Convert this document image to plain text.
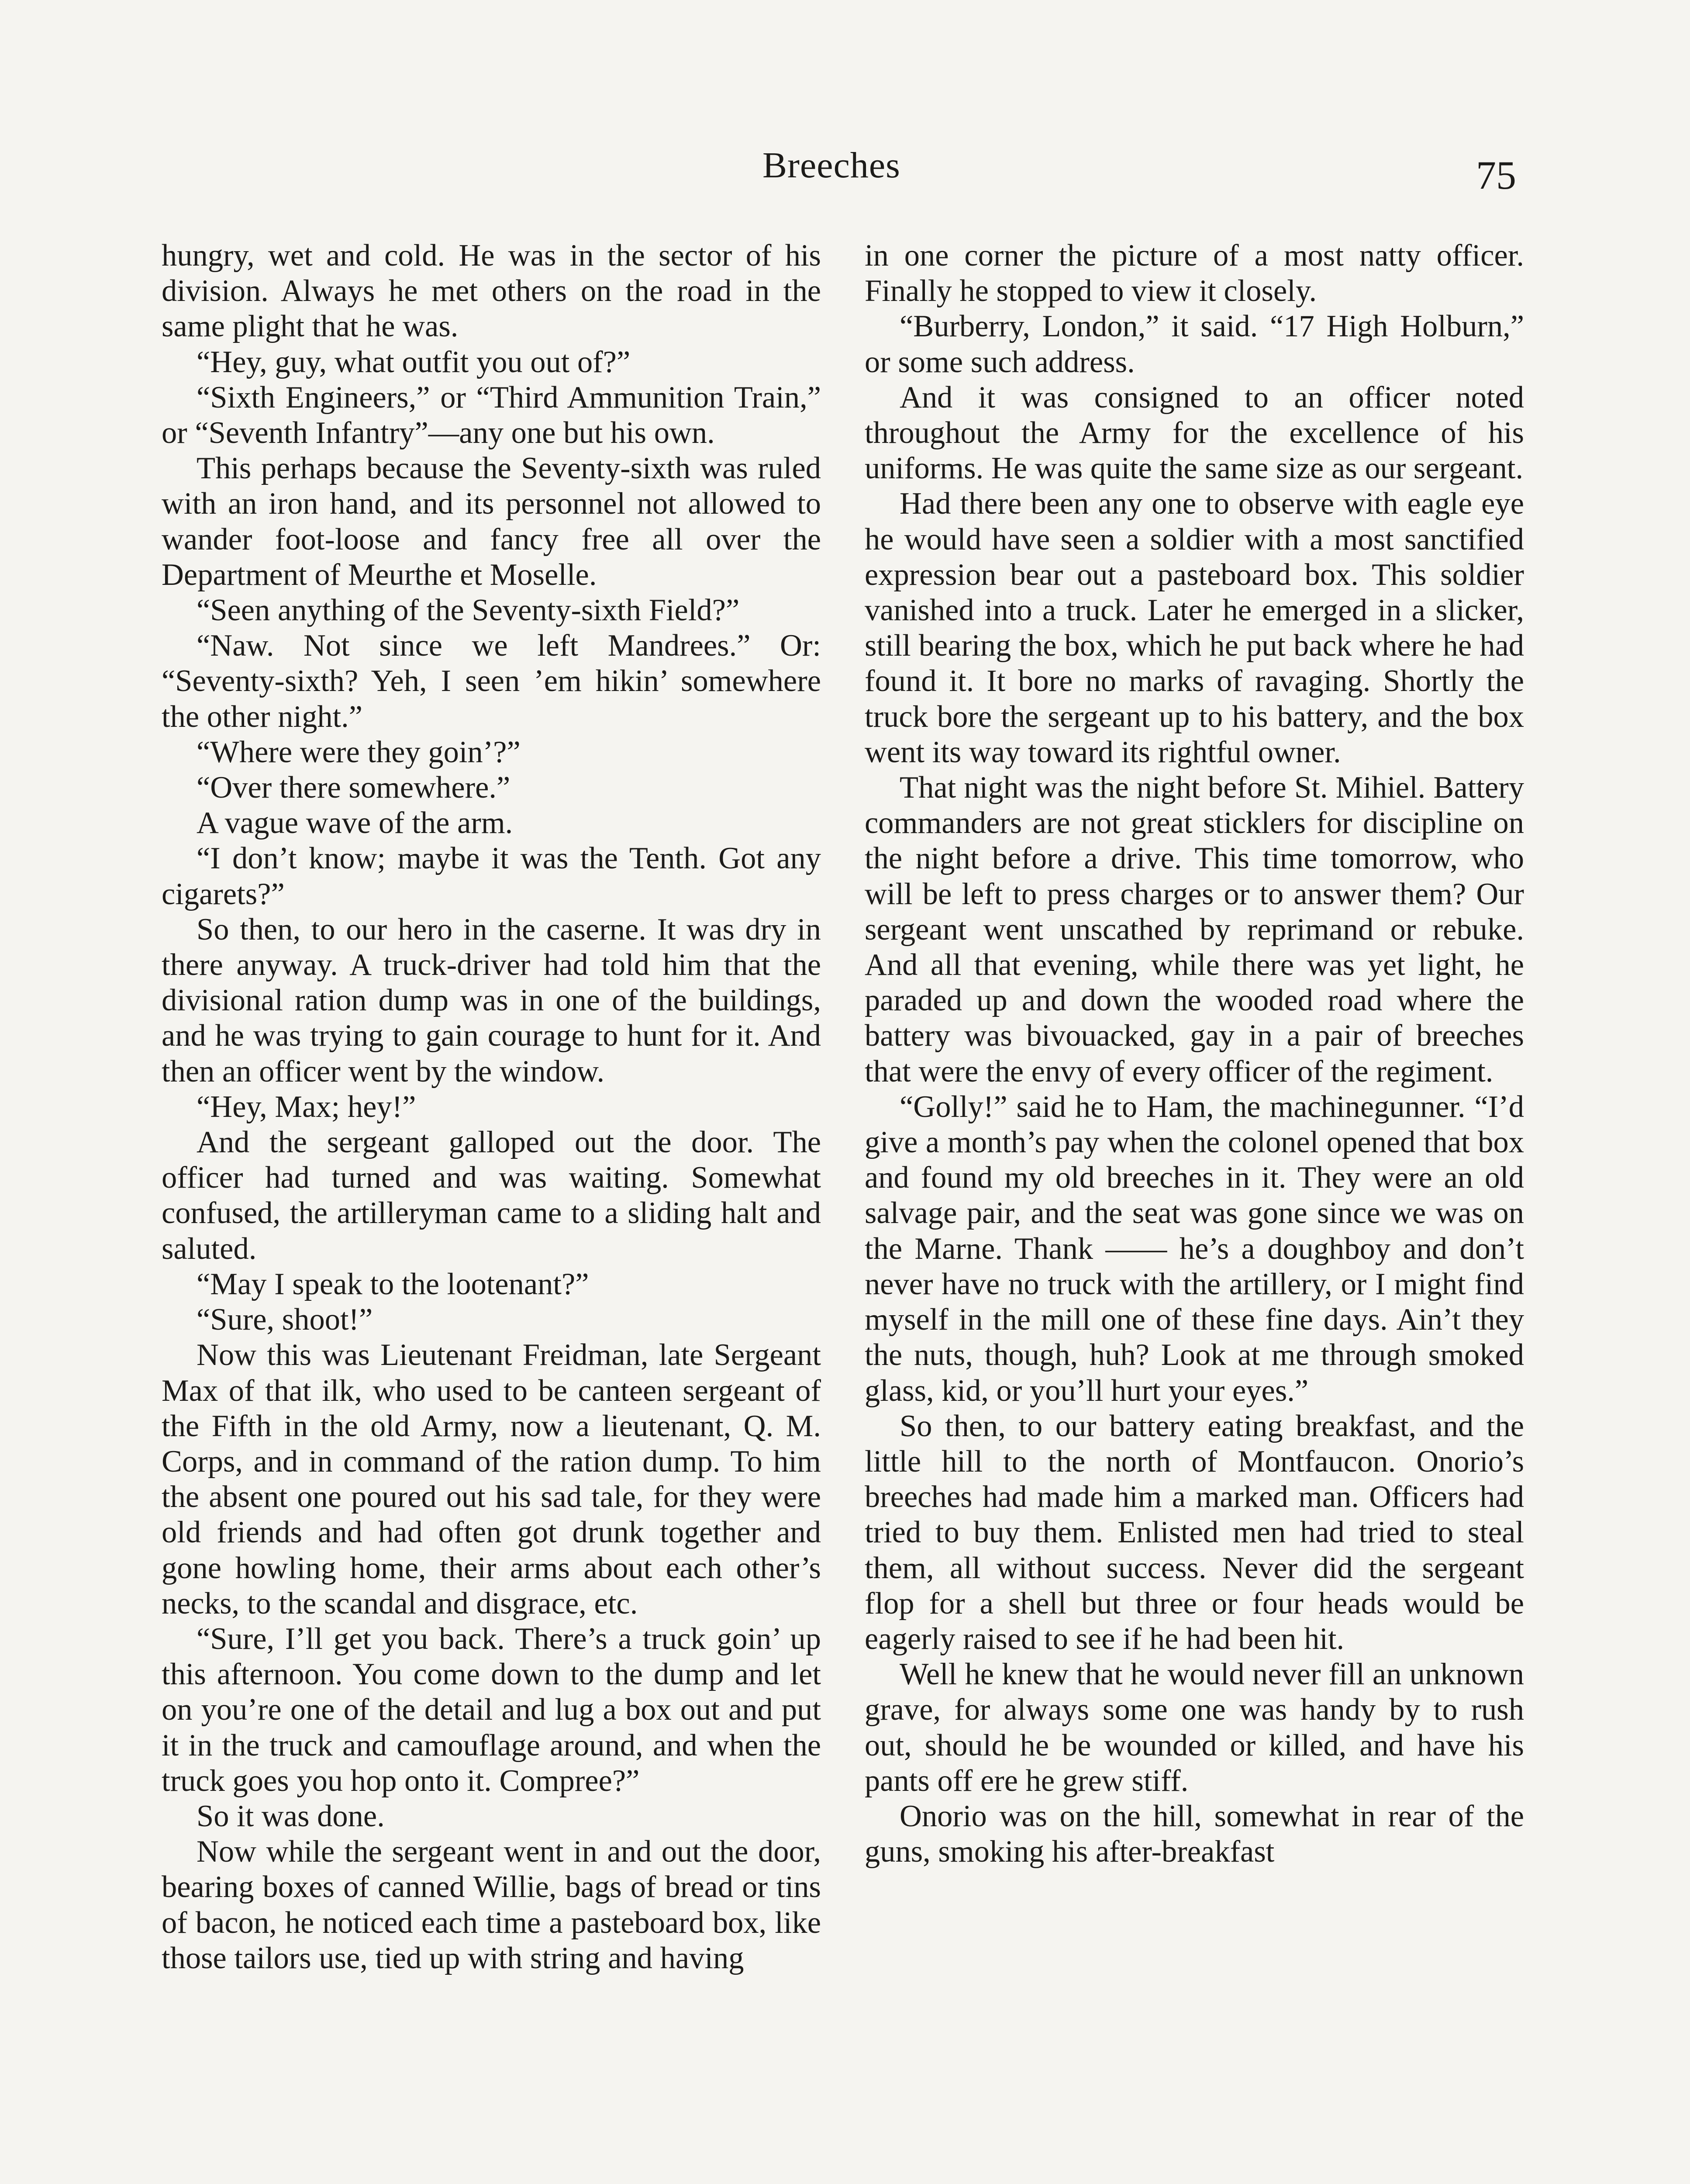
Breeches	75

hungry, wet and cold. He was in the sector of his division. Always he met others on the road in the same plight that he was.

“Hey, guy, what outfit you out of?”

“Sixth Engineers,” or “Third Ammunition Train,” or “Seventh Infantry”—any one but his own.

This perhaps because the Seventy-sixth was ruled with an iron hand, and its personnel not allowed to wander foot-loose and fancy free all over the Department of Meurthe et Moselle.

“Seen anything of the Seventy-sixth Field?”

“Naw. Not since we left Mandrees.” Or: “Seventy-sixth? Yeh, I seen ’em hikin’ somewhere the other night.”

“Where were they goin’?”

“Over there somewhere.”

A vague wave of the arm.

“I don’t know; maybe it was the Tenth. Got any cigarets?”

So then, to our hero in the caserne. It was dry in there anyway. A truck-driver had told him that the divisional ration dump was in one of the buildings, and he was trying to gain courage to hunt for it. And then an officer went by the window.

“Hey, Max; hey!”

And the sergeant galloped out the door. The officer had turned and was waiting. Somewhat confused, the artilleryman came to a sliding halt and saluted.

“May I speak to the lootenant?”

“Sure, shoot!”

Now this was Lieutenant Freidman, late Sergeant Max of that ilk, who used to be canteen sergeant of the Fifth in the old Army, now a lieutenant, Q. M. Corps, and in command of the ration dump. To him the absent one poured out his sad tale, for they were old friends and had often got drunk together and gone howling home, their arms about each other’s necks, to the scandal and disgrace, etc.

“Sure, I’ll get you back. There’s a truck goin’ up this afternoon. You come down to the dump and let on you’re one of the detail and lug a box out and put it in the truck and camouflage around, and when the truck goes you hop onto it. Compree?”

So it was done.

Now while the sergeant went in and out the door, bearing boxes of canned Willie, bags of bread or tins of bacon, he noticed each time a pasteboard box, like those tailors use, tied up with string and having

in one corner the picture of a most natty officer. Finally he stopped to view it closely.

“Burberry, London,” it said. “17 High Holburn,” or some such address.

And it was consigned to an officer noted throughout the Army for the excellence of his uniforms. He was quite the same size as our sergeant.

Had there been any one to observe with eagle eye he would have seen a soldier with a most sanctified expression bear out a pasteboard box. This soldier vanished into a truck. Later he emerged in a slicker, still bearing the box, which he put back where he had found it. It bore no marks of ravaging. Shortly the truck bore the sergeant up to his battery, and the box went its way toward its rightful owner.

That night was the night before St. Mihiel. Battery commanders are not great sticklers for discipline on the night before a drive. This time tomorrow, who will be left to press charges or to answer them? Our sergeant went unscathed by reprimand or rebuke. And all that evening, while there was yet light, he paraded up and down the wooded road where the battery was bivouacked, gay in a pair of breeches that were the envy of every officer of the regiment.

“Golly!” said he to Ham, the machinegunner. “I’d give a month’s pay when the colonel opened that box and found my old breeches in it. They were an old salvage pair, and the seat was gone since we was on the Marne. Thank —— he’s a doughboy and don’t never have no truck with the artillery, or I might find myself in the mill one of these fine days. Ain’t they the nuts, though, huh? Look at me through smoked glass, kid, or you’ll hurt your eyes.”

So then, to our battery eating breakfast, and the little hill to the north of Montfaucon. Onorio’s breeches had made him a marked man. Officers had tried to buy them. Enlisted men had tried to steal them, all without success. Never did the sergeant flop for a shell but three or four heads would be eagerly raised to see if he had been hit.

Well he knew that he would never fill an unknown grave, for always some one was handy by to rush out, should he be wounded or killed, and have his pants off ere he grew stiff.

Onorio was on the hill, somewhat in rear of the guns, smoking his after-breakfast
